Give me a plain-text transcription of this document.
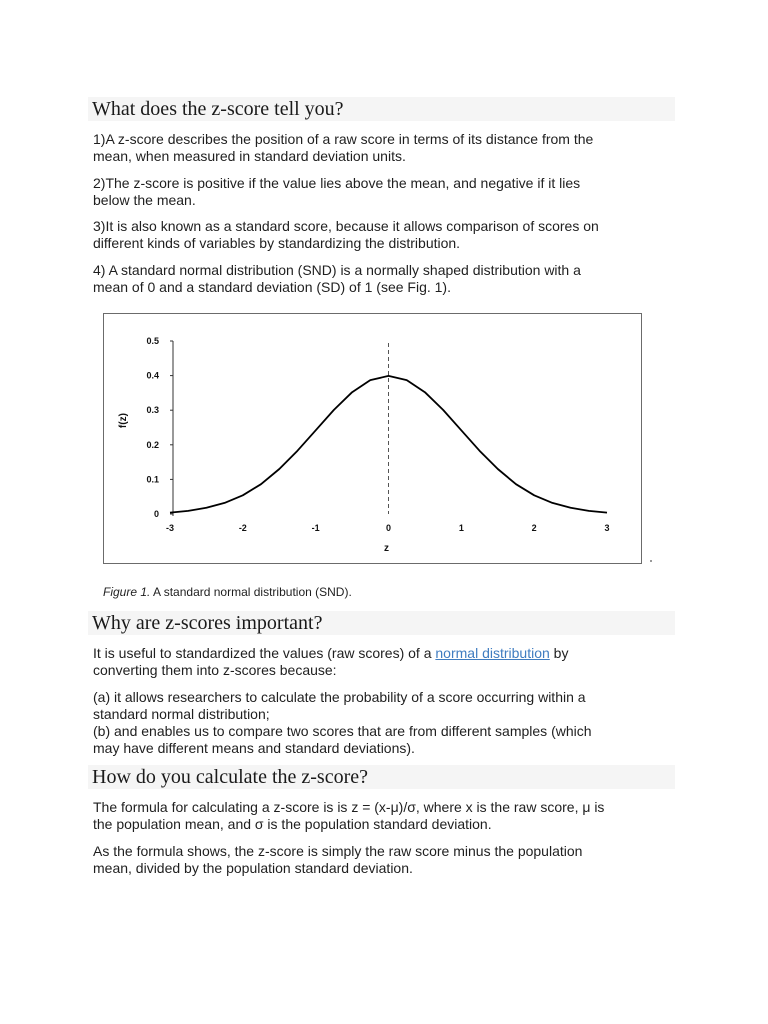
What does the z-score tell you?
1)A z-score describes the position of a raw score in terms of its distance from the
mean, when measured in standard deviation units.
2)The z-score is positive if the value lies above the mean, and negative if it lies
below the mean.
3)It is also known as a standard score, because it allows comparison of scores on
different kinds of variables by standardizing the distribution.
4) A standard normal distribution (SND) is a normally shaped distribution with a
mean of 0 and a standard deviation (SD) of 1 (see Fig. 1).
0
0.1
0.2
0.3
0.4
0.5
-3	-2	-1	0	1	2	3
z
f(z)
Figure 1. A standard normal distribution (SND).
Why are z-scores important?
It is useful to standardized the values (raw scores) of a normal distribution by
converting them into z-scores because:
(a) it allows researchers to calculate the probability of a score occurring within a
standard normal distribution;
(b) and enables us to compare two scores that are from different samples (which
may have different means and standard deviations).
How do you calculate the z-score?
The formula for calculating a z-score is is z = (x-μ)/σ, where x is the raw score, μ is
the population mean, and σ is the population standard deviation.
As the formula shows, the z-score is simply the raw score minus the population
mean, divided by the population standard deviation.
